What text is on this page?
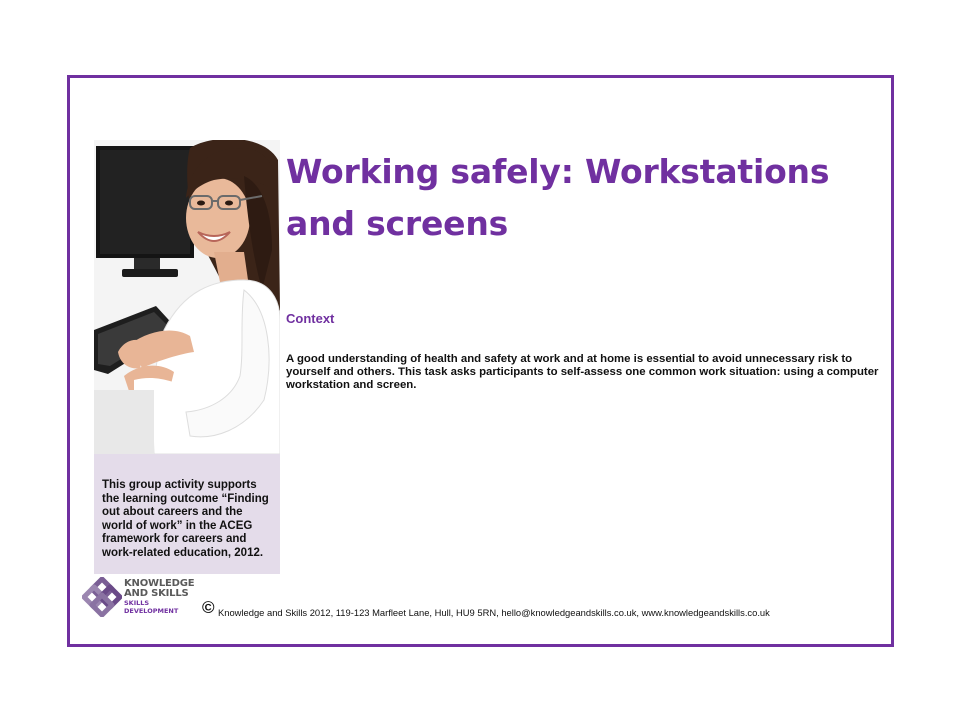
This group activity supports the learning outcome “Finding out about careers and the world of work” in the ACEG framework for careers and work-related education, 2012.
Working safely: Workstations and screens
Context

A good understanding of health and safety at work and at home is essential to avoid unnecessary risk to yourself and others. This task asks participants to self-assess one common work situation: using a computer workstation and screen.

KNOWLEDGE
AND SKILLS
SKILLS DEVELOPMENT	© Knowledge and Skills 2012, 119-123 Marfleet Lane, Hull, HU9 5RN, hello@knowledgeandskills.co.uk, www.knowledgeandskills.co.uk
